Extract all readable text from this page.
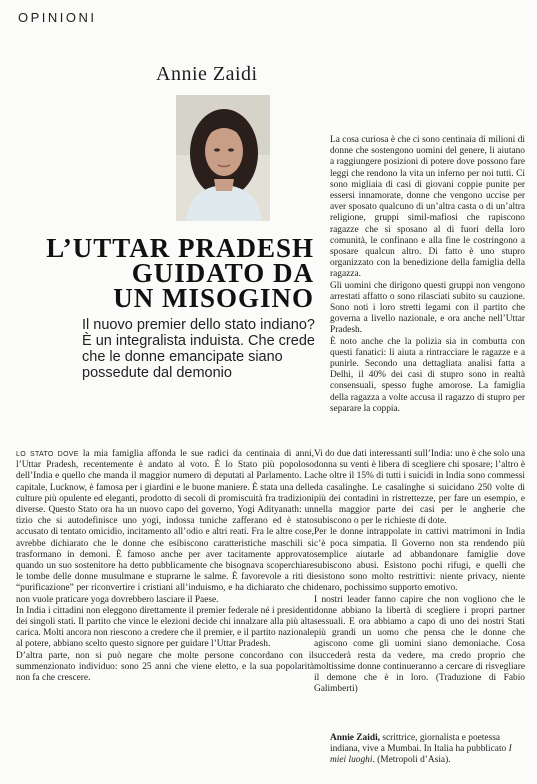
OPINIONI
Annie Zaidi
L’UTTAR PRADESH
GUIDATO DA
UN MISOGINO
Il nuovo premier dello stato indiano? È un integralista induista. Che crede che le donne emancipate siano possedute dal demonio

La cosa curiosa è che ci sono centinaia di milioni di donne che sostengono uomini del genere, li aiutano a raggiungere posizioni di potere dove possono fare leggi che rendono la vita un inferno per noi tutti. Ci sono migliaia di casi di giovani coppie punite per essersi innamorate, donne che vengono uccise per aver sposato qualcuno di un’altra casta o di un’altra religione, gruppi simil-mafiosi che rapiscono ragazze che si sposano al di fuori della loro comunità, le confinano e alla fine le costringono a sposare qualcun altro. Di fatto è uno stupro organizzato con la benedizione della famiglia della ragazza.

Gli uomini che dirigono questi gruppi non vengono arrestati affatto o sono rilasciati subito su cauzione. Sono noti i loro stretti legami con il partito che governa a livello nazionale, e ora anche nell’Uttar Pradesh.

È noto anche che la polizia sia in combutta con questi fanatici: li aiuta a rintracciare le ragazze e a punirle. Secondo una dettagliata analisi fatta a Delhi, il 40% dei casi di stupro sono in realtà consensuali, spesso fughe amorose. La famiglia della ragazza a volte accusa il ragazzo di stupro per separare la coppia.

LO STATO DOVE la mia famiglia affonda le sue radici da centinaia di anni, l’Uttar Pradesh, recentemente è andato al voto. È lo Stato più popoloso dell’India e quello che manda il maggior numero di deputati al Parlamento. La capitale, Lucknow, è famosa per i giardini e le buone maniere. È stata una delle culture più opulente ed eleganti, prodotto di secoli di promiscuità fra tradizioni diverse. Questo Stato ora ha un nuovo capo del governo, Yogi Adityanath: un tizio che si autodefinisce uno yogi, indossa tuniche zafferano ed è stato accusato di tentato omicidio, incitamento all’odio e altri reati. Fra le altre cose, avrebbe dichiarato che le donne che esibiscono caratteristiche maschili si trasformano in demoni. È famoso anche per aver tacitamente approvato quando un suo sostenitore ha detto pubblicamente che bisognava scoperchiare le tombe delle donne musulmane e stuprarne le salme. È favorevole a riti di “purificazione” per riconvertire i cristiani all’induismo, e ha dichiarato che chi non vuole praticare yoga dovrebbero lasciare il Paese.

In India i cittadini non eleggono direttamente il premier federale né i presidenti dei singoli stati. Il partito che vince le elezioni decide chi innalzare alla più alta carica. Molti ancora non riescono a credere che il premier, e il partito nazionale al potere, abbiano scelto questo signore per guidare l’Uttar Pradesh.

D’altra parte, non si può negare che molte persone concordano con il summenzionato individuo: sono 25 anni che viene eletto, e la sua popolarità non fa che crescere.

Vi do due dati interessanti sull’India: uno è che solo una donna su venti è libera di scegliere chi sposare; l’altro è che oltre il 15% di tutti i suicidi in India sono commessi da casalinghe. Le casalinghe si suicidano 250 volte di più dei contadini in ristrettezze, per fare un esempio, e nella maggior parte dei casi per le angherie che subiscono o per le richieste di dote.

Per le donne intrappolate in cattivi matrimoni in India c’è poca simpatia. Il Governo non sta rendendo più semplice aiutarle ad abbandonare famiglie dove subiscono abusi. Esistono pochi rifugi, e quelli che esistono sono molto restrittivi: niente privacy, niente denaro, pochissimo supporto emotivo.

I nostri leader fanno capire che non vogliono che le donne abbiano la libertà di scegliere i propri partner sessuali. E ora abbiamo a capo di uno dei nostri Stati più grandi un uomo che pensa che le donne che agiscono come gli uomini siano demoniache. Cosa succederà resta da vedere, ma credo proprio che moltissime donne continueranno a cercare di risvegliare il demone che è in loro. (Traduzione di Fabio Galimberti)

Annie Zaidi, scrittrice, giornalista e poetessa indiana, vive a Mumbai. In Italia ha pubblicato I miei luoghi. (Metropoli d’Asia).
